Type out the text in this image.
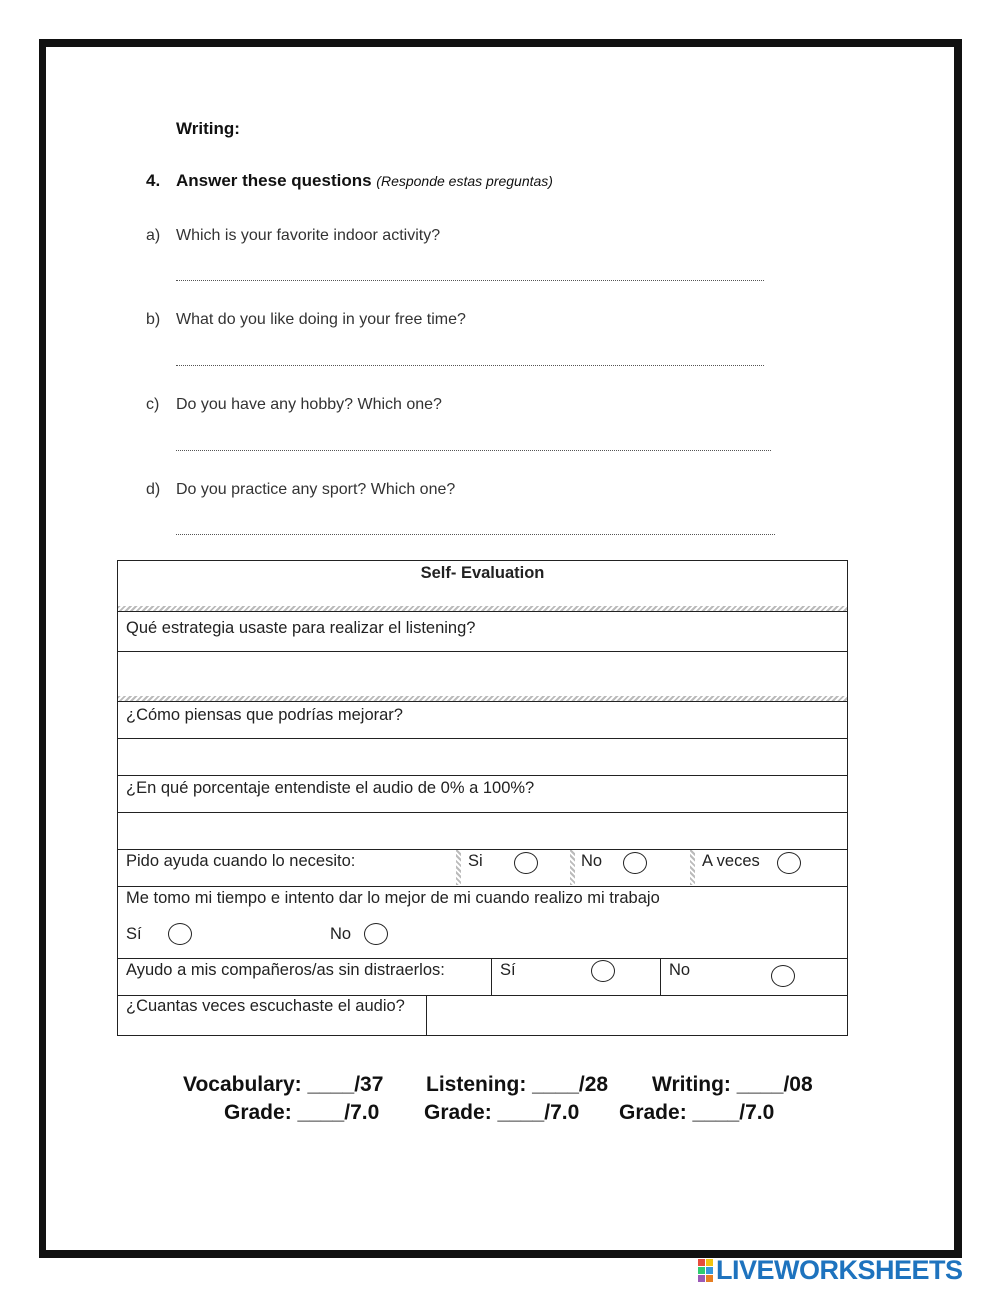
Writing:
4. Answer these questions (Responde estas preguntas)
a) Which is your favorite indoor activity?
b) What do you like doing in your free time?
c) Do you have any hobby? Which one?
d) Do you practice any sport? Which one?
Self- Evaluation
Qué estrategia usaste para realizar el listening?
¿Cómo piensas que podrías mejorar?
¿En qué porcentaje entendiste el audio de 0% a 100%?
Pido ayuda cuando lo necesito:	Si	No	A veces
Me tomo mi tiempo e intento dar lo mejor de mi cuando realizo mi trabajo
Sí	No
Ayudo a mis compañeros/as sin distraerlos:	Sí	No
¿Cuantas veces escuchaste el audio?
Vocabulary: ____/37 Listening: ____/28 Writing: ____/08
Grade: ____/7.0 Grade: ____/7.0 Grade: ____/7.0
LIVEWORKSHEETS
